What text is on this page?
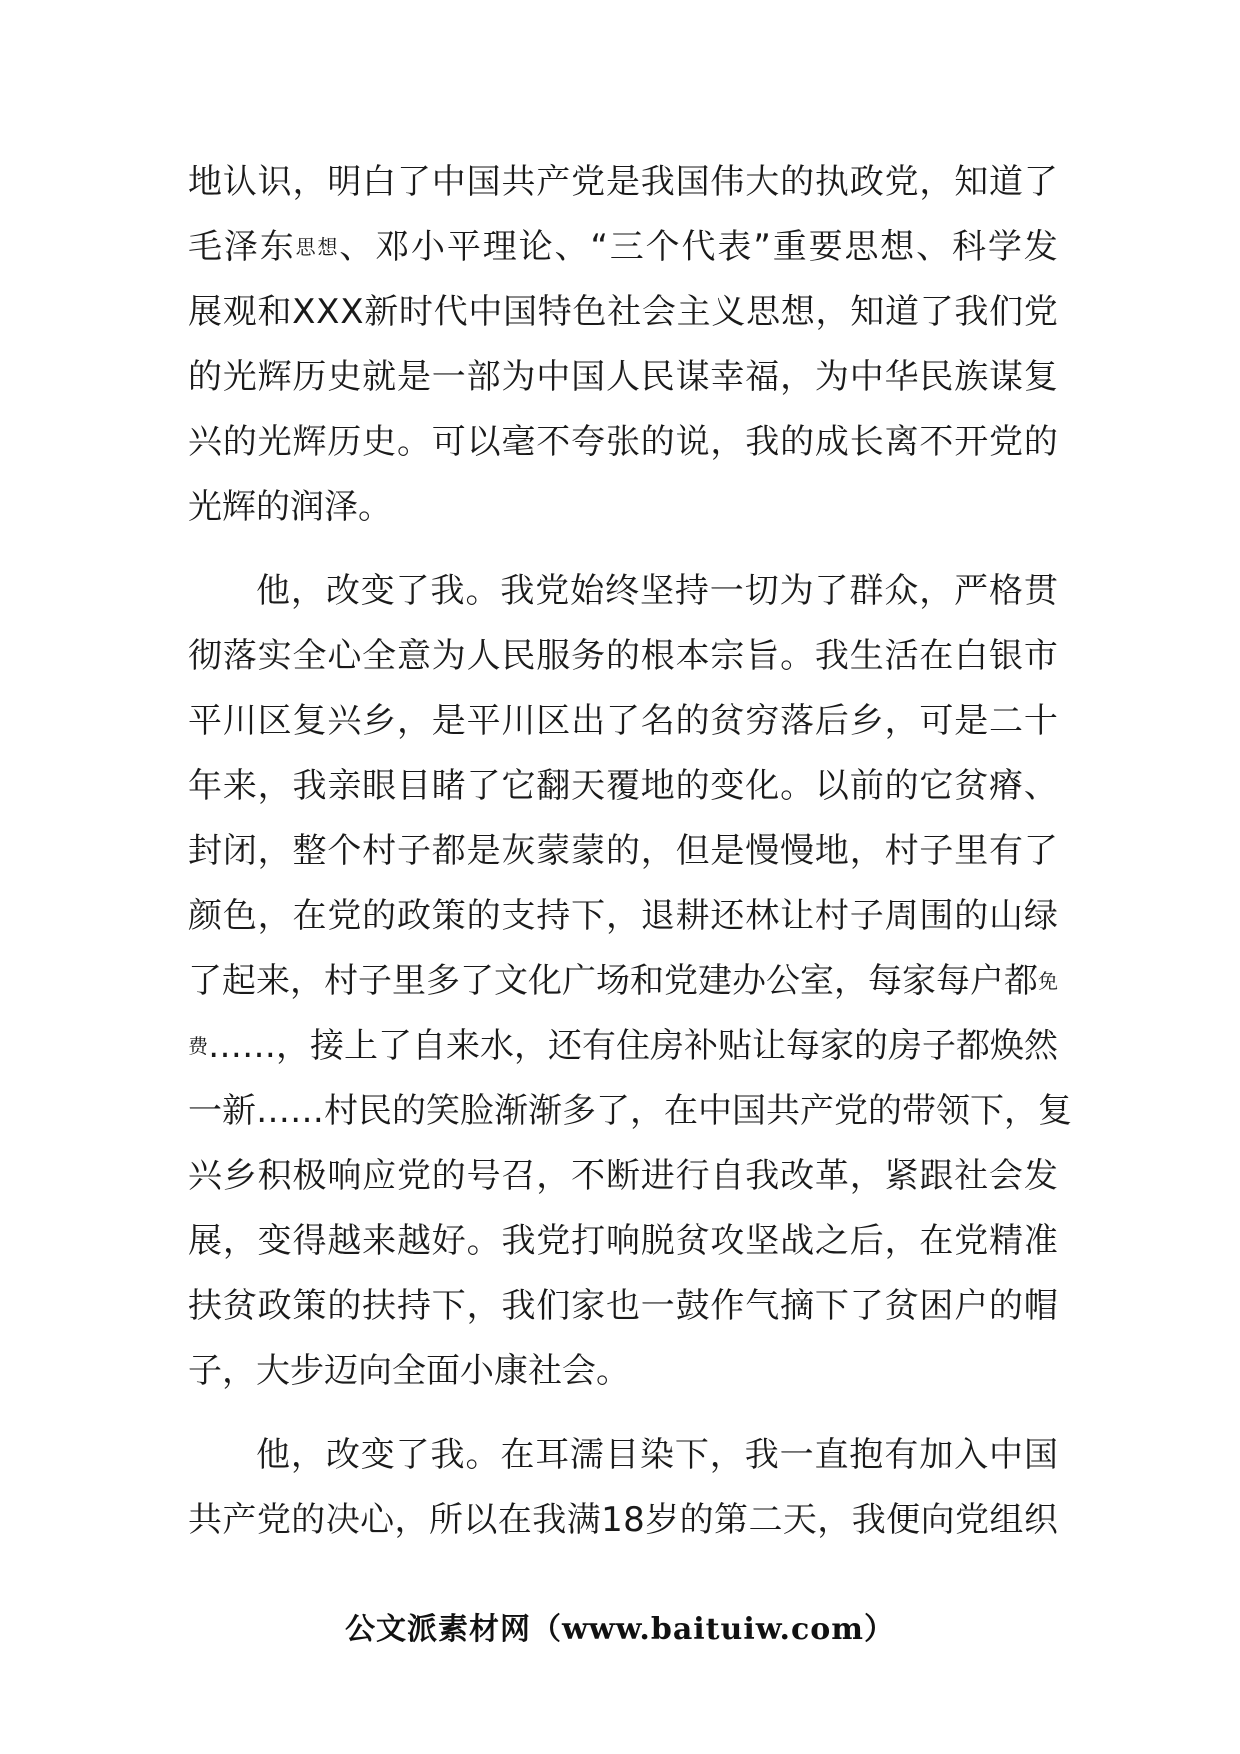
地 认 识 ， 明 白 了 中 国 共 产 党 是 我 国 伟 大 的 执 政 党 ， 知 道 了
毛 泽 东 思 想 、 邓 小 平 理 论 、 “ 三 个 代 表 ” 重 要 思 想 、 科 学 发
展 观 和 X X X 新 时 代 中 国 特 色 社 会 主 义 思 想 ， 知 道 了 我 们 党
的 光 辉 历 史 就 是 一 部 为 中 国 人 民 谋 幸 福 ， 为 中 华 民 族 谋 复
兴 的 光 辉 历 史 。 可 以 毫 不 夸 张 的 说 ， 我 的 成 长 离 不 开 党 的
光辉的润泽。
他 ， 改 变 了 我 。 我 党 始 终 坚 持 一 切 为 了 群 众 ， 严 格 贯
彻 落 实 全 心 全 意 为 人 民 服 务 的 根 本 宗 旨 。 我 生 活 在 白 银 市
平 川 区 复 兴 乡 ， 是 平 川 区 出 了 名 的 贫 穷 落 后 乡 ， 可 是 二 十
年 来 ， 我 亲 眼 目 睹 了 它 翻 天 覆 地 的 变 化 。 以 前 的 它 贫 瘠 、
封 闭 ， 整 个 村 子 都 是 灰 蒙 蒙 的 ， 但 是 慢 慢 地 ， 村 子 里 有 了
颜 色 ， 在 党 的 政 策 的 支 持 下 ， 退 耕 还 林 让 村 子 周 围 的 山 绿
了 起 来 ， 村 子 里 多 了 文 化 广 场 和 党 建 办 公 室 ， 每 家 每 户 都 免
费 … … ， 接 上 了 自 来 水 ， 还 有 住 房 补 贴 让 每 家 的 房 子 都 焕 然
一 新 … … 村 民 的 笑 脸 渐 渐 多 了 ， 在 中 国 共 产 党 的 带 领 下 ， 复
兴 乡 积 极 响 应 党 的 号 召 ， 不 断 进 行 自 我 改 革 ， 紧 跟 社 会 发
展 ， 变 得 越 来 越 好 。 我 党 打 响 脱 贫 攻 坚 战 之 后 ， 在 党 精 准
扶 贫 政 策 的 扶 持 下 ， 我 们 家 也 一 鼓 作 气 摘 下 了 贫 困 户 的 帽
子，大步迈向全面小康社会。
他 ， 改 变 了 我 。 在 耳 濡 目 染 下 ， 我 一 直 抱 有 加 入 中 国
共 产 党 的 决 心 ， 所 以 在 我 满 1 8 岁 的 第 二 天 ， 我 便 向 党 组 织
公文派素材网（www.baituiw.com）
